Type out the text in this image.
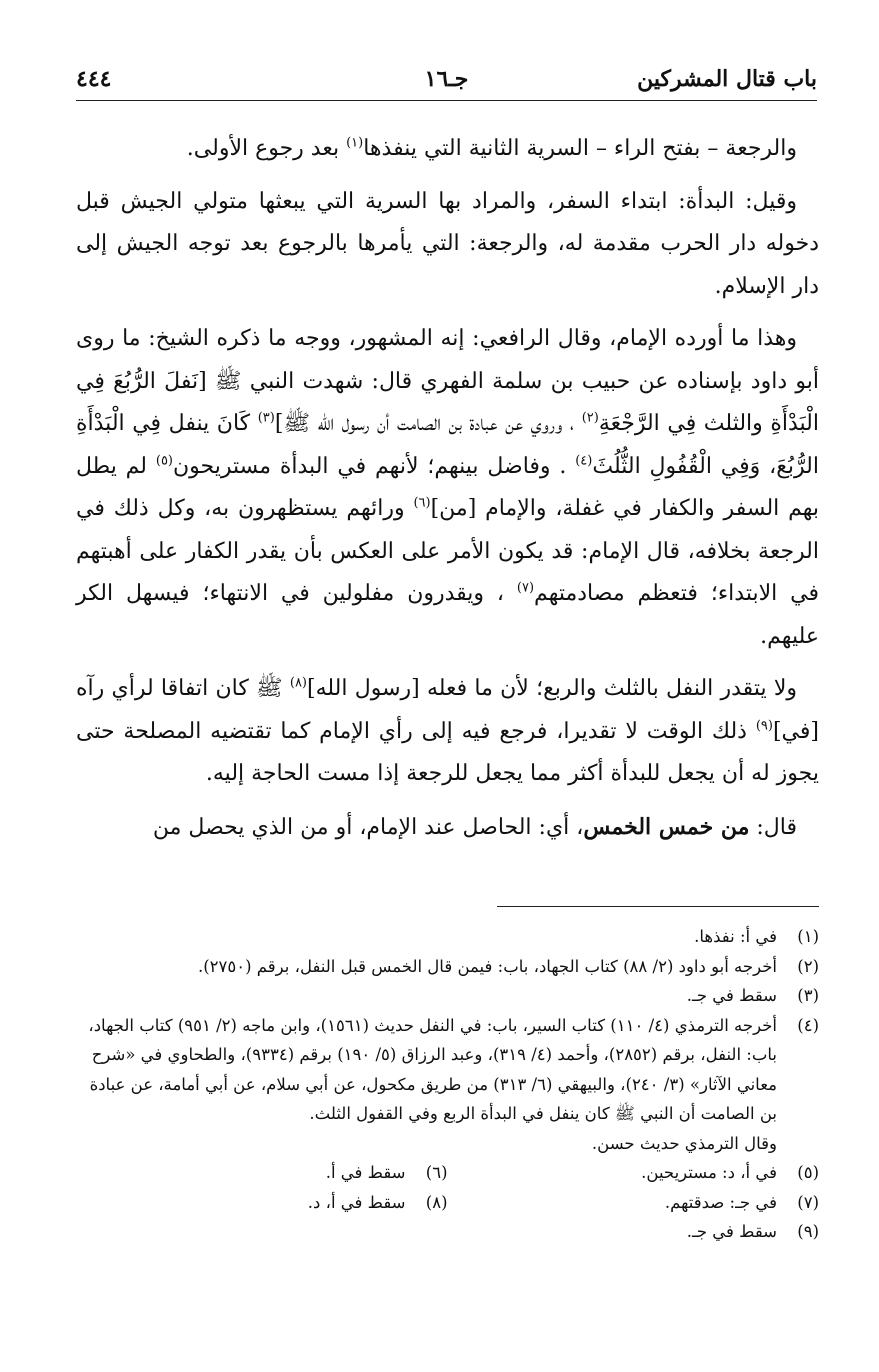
باب قتال المشركين
جـ١٦
٤٤٤

والرجعة – بفتح الراء – السرية الثانية التي ينفذها$^{(١)}$ بعد رجوع الأولى.

وقيل: البدأة: ابتداء السفر، والمراد بها السرية التي يبعثها متولي الجيش قبل دخوله دار الحرب مقدمة له، والرجعة: التي يأمرها بالرجوع بعد توجه الجيش إلى دار الإسلام.

وهذا ما أورده الإمام، وقال الرافعي: إنه المشهور، ووجه ما ذكره الشيخ: ما روى أبو داود بإسناده عن حبيب بن سلمة الفهري قال: شهدت النبي ﷺ [نَفلَ الرُّبُعَ فِي الْبَدْأَةِ والثلث فِي الرَّجْعَةِ$^{(٢)}$ ، وروي عن عبادة بن الصامت أن رسول الله ﷺ]$^{(٣)}$ كَانَ ينفل فِي الْبَدْأَةِ الرُّبُعَ، وَفِي الْقُفُولِ الثُّلُثَ$^{(٤)}$ . وفاضل بينهم؛ لأنهم في البدأة مستريحون$^{(٥)}$ لم يطل بهم السفر والكفار في غفلة، والإمام [من]$^{(٦)}$ ورائهم يستظهرون به، وكل ذلك في الرجعة بخلافه، قال الإمام: قد يكون الأمر على العكس بأن يقدر الكفار على أهبتهم في الابتداء؛ فتعظم مصادمتهم$^{(٧)}$ ، ويقدرون مفلولين في الانتهاء؛ فيسهل الكر عليهم.

ولا يتقدر النفل بالثلث والربع؛ لأن ما فعله [رسول الله]$^{(٨)}$ ﷺ كان اتفاقا لرأي رآه [في]$^{(٩)}$ ذلك الوقت لا تقديرا، فرجع فيه إلى رأي الإمام كما تقتضيه المصلحة حتى يجوز له أن يجعل للبدأة أكثر مما يجعل للرجعة إذا مست الحاجة إليه.

قال: من خمس الخمس، أي: الحاصل عند الإمام، أو من الذي يحصل من

(١)
في أ: نفذها.
(٢)
أخرجه أبو داود (٢/ ٨٨) كتاب الجهاد، باب: فيمن قال الخمس قبل النفل، برقم (٢٧٥٠).
(٣)
سقط في جـ.
(٤)
أخرجه الترمذي (٤/ ١١٠) كتاب السير، باب: في النفل حديث (١٥٦١)، وابن ماجه (٢/ ٩٥١) كتاب الجهاد، باب: النفل، برقم (٢٨٥٢)، وأحمد (٤/ ٣١٩)، وعبد الرزاق (٥/ ١٩٠) برقم (٩٣٣٤)، والطحاوي في «شرح معاني الآثار» (٣/ ٢٤٠)، والبيهقي (٦/ ٣١٣) من طريق مكحول، عن أبي سلام، عن أبي أمامة، عن عبادة بن الصامت أن النبي ﷺ كان ينفل في البدأة الربع وفي القفول الثلث.
وقال الترمذي حديث حسن.
(٥)
في أ، د: مستريحين.
(٦)
سقط في أ.
(٧)
في جـ: صدقتهم.
(٨)
سقط في أ، د.
(٩)
سقط في جـ.
